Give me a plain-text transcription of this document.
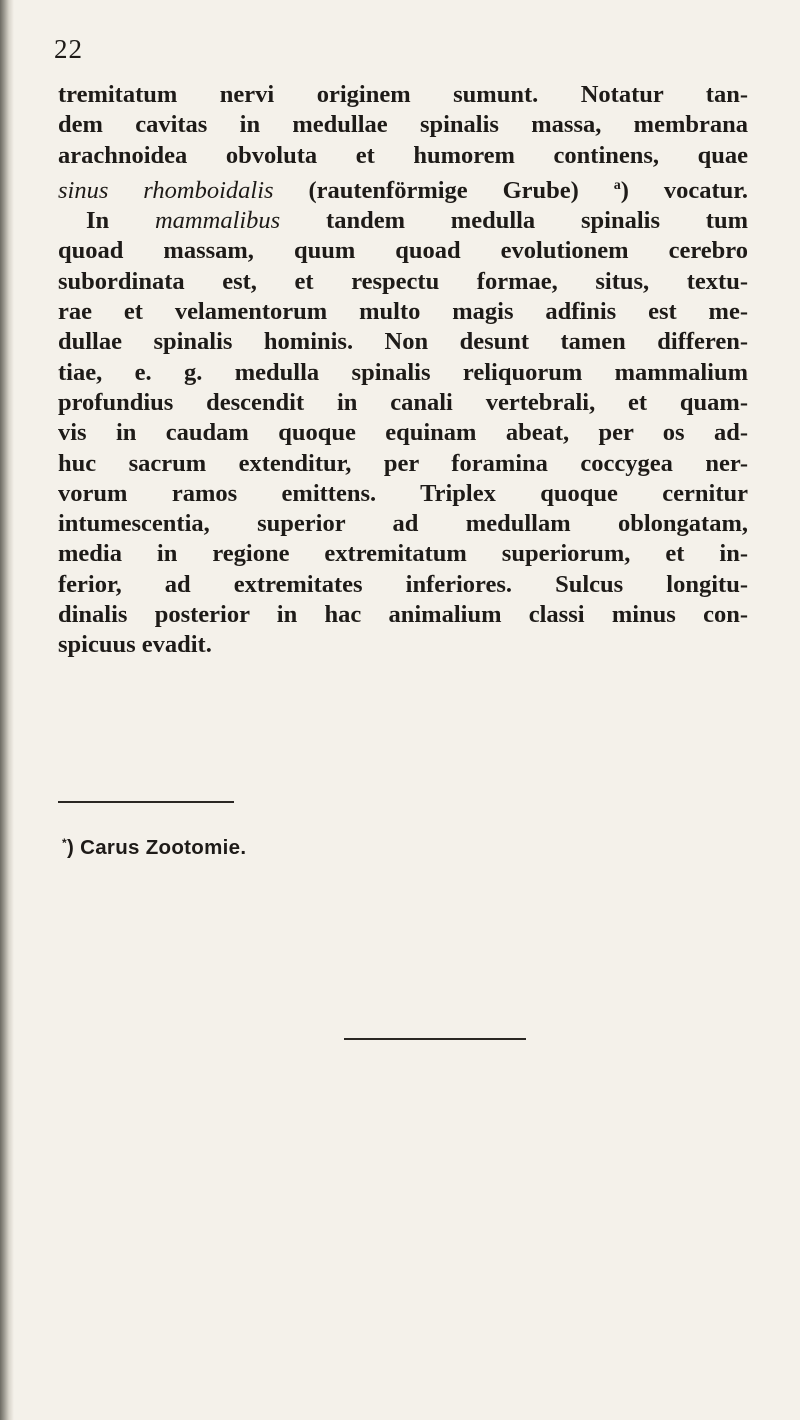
22
tremitatum nervi originem sumunt. Notatur tan-
dem cavitas in medullae spinalis massa, membrana
arachnoidea obvoluta et humorem continens, quae
sinus rhomboidalis (rautenförmige Grube) $^a$) vocatur.
In mammalibus tandem medulla spinalis tum
quoad massam, quum quoad evolutionem cerebro
subordinata est, et respectu formae, situs, textu-
rae et velamentorum multo magis adfinis est me-
dullae spinalis hominis. Non desunt tamen differen-
tiae, e. g. medulla spinalis reliquorum mammalium
profundius descendit in canali vertebrali, et quam-
vis in caudam quoque equinam abeat, per os ad-
huc sacrum extenditur, per foramina coccygea ner-
vorum ramos emittens. Triplex quoque cernitur
intumescentia, superior ad medullam oblongatam,
media in regione extremitatum superiorum, et in-
ferior, ad extremitates inferiores. Sulcus longitu-
dinalis posterior in hac animalium classi minus con-
spicuus evadit.
*) Carus Zootomie.
